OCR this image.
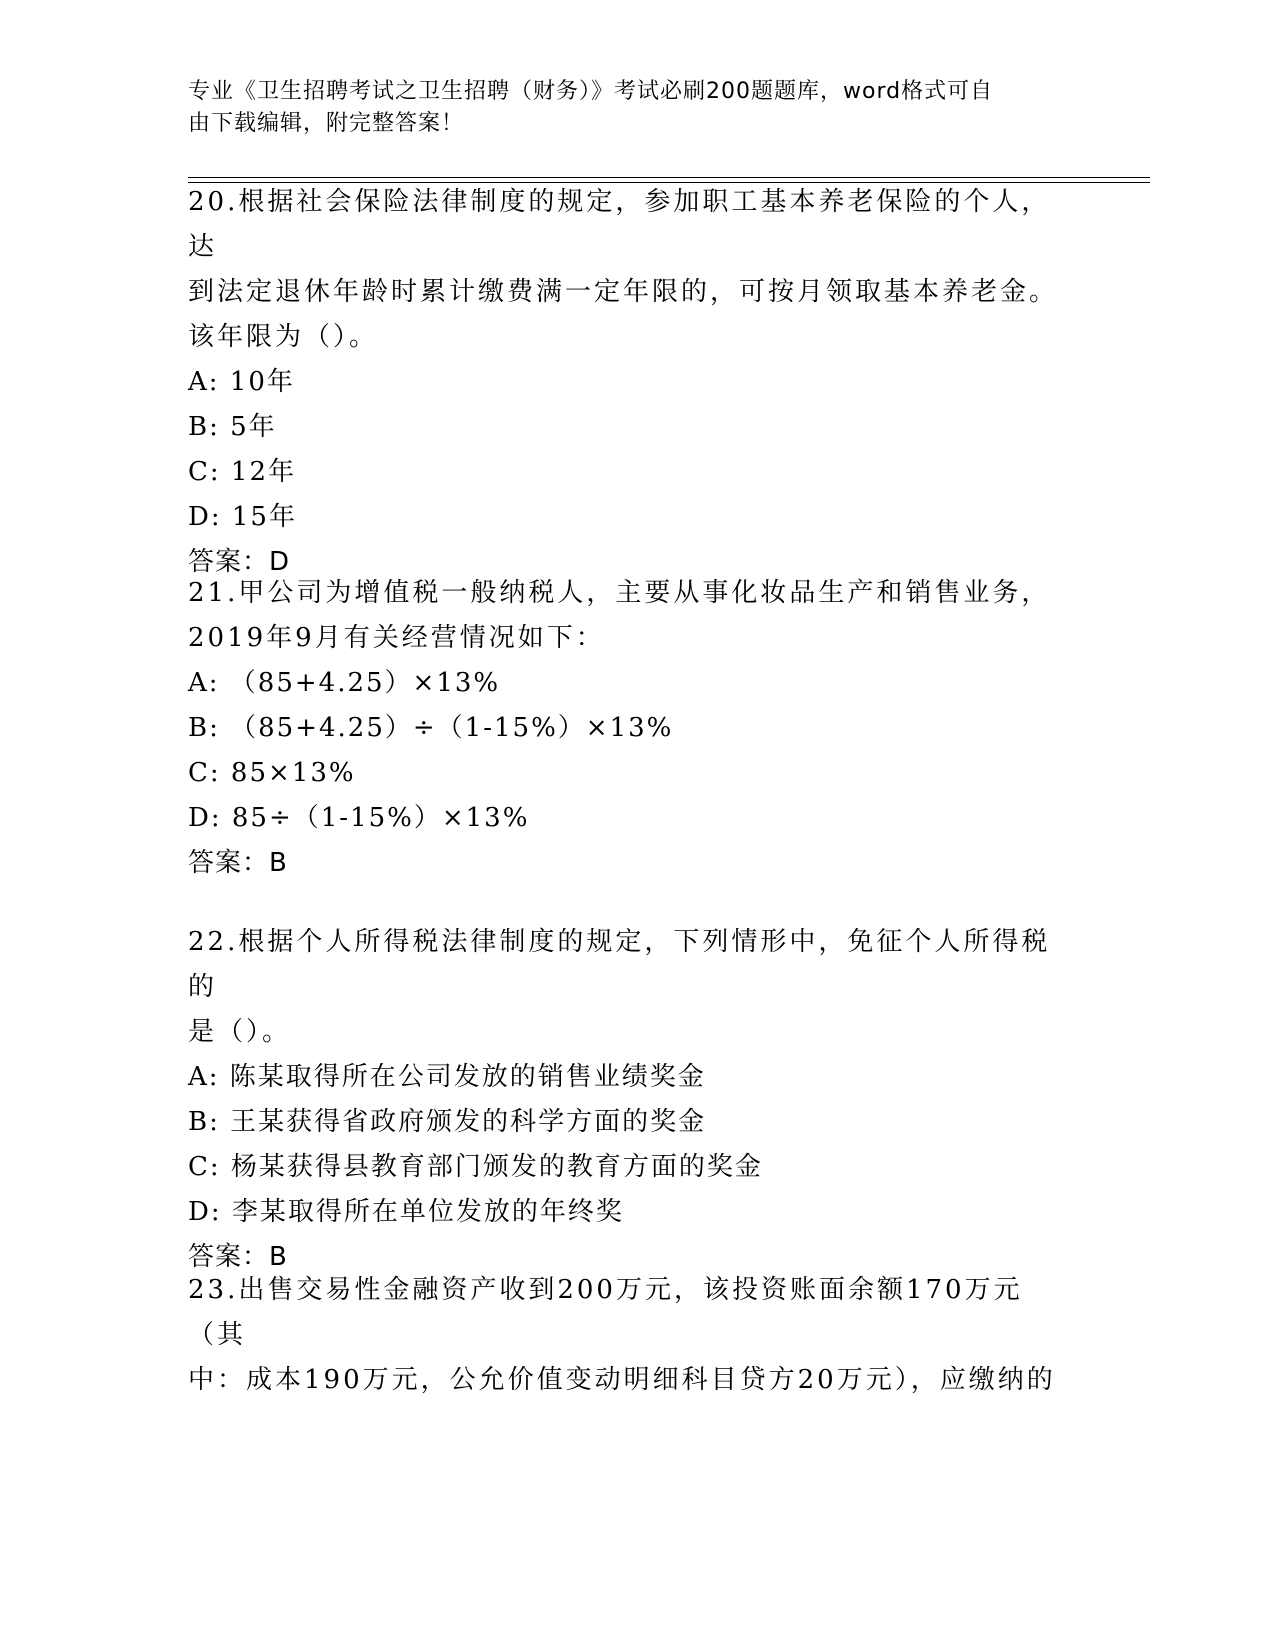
专业《卫生招聘考试之卫生招聘（财务）》考试必刷200题题库，word格式可自
由下载编辑，附完整答案！

20.根据社会保险法律制度的规定，参加职工基本养老保险的个人，达

到法定退休年龄时累计缴费满一定年限的，可按月领取基本养老金。

该年限为（）。

A: 10年

B: 5年

C: 12年

D: 15年

答案：D

21.甲公司为增值税一般纳税人，主要从事化妆品生产和销售业务，

2019年9月有关经营情况如下：

A: （85+4.25）×13%

B: （85+4.25）÷（1-15%）×13%

C: 85×13%

D: 85÷（1-15%）×13%

答案：B

22.根据个人所得税法律制度的规定，下列情形中，免征个人所得税的

是（）。

A: 陈某取得所在公司发放的销售业绩奖金

B: 王某获得省政府颁发的科学方面的奖金

C: 杨某获得县教育部门颁发的教育方面的奖金

D: 李某取得所在单位发放的年终奖

答案：B

23.出售交易性金融资产收到200万元，该投资账面余额170万元（其

中：成本190万元，公允价值变动明细科目贷方20万元），应缴纳的
